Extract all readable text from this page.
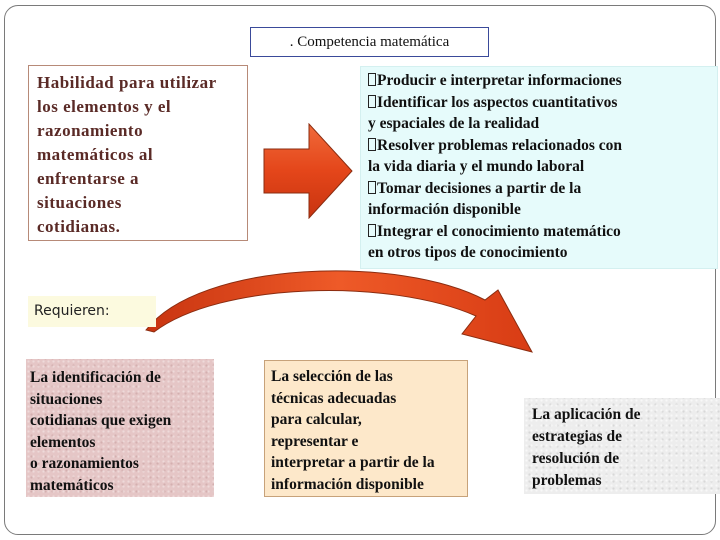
. Competencia matemática
Habilidad para utilizar
los elementos y el
razonamiento
matemáticos al
enfrentarse a
situaciones
cotidianas.
Producir e interpretar informaciones
Identificar los aspectos cuantitativos
y espaciales de la realidad
Resolver problemas relacionados con
la vida diaria y el mundo laboral
Tomar decisiones a partir de la
información disponible
Integrar el conocimiento matemático
en otros tipos de conocimiento
Requieren:
La identificación de
situaciones
cotidianas que exigen
elementos
o razonamientos
matemáticos
La selección de las
técnicas adecuadas
para calcular,
representar e
interpretar a partir de la
información disponible
La aplicación de
estrategias de
resolución de
problemas
